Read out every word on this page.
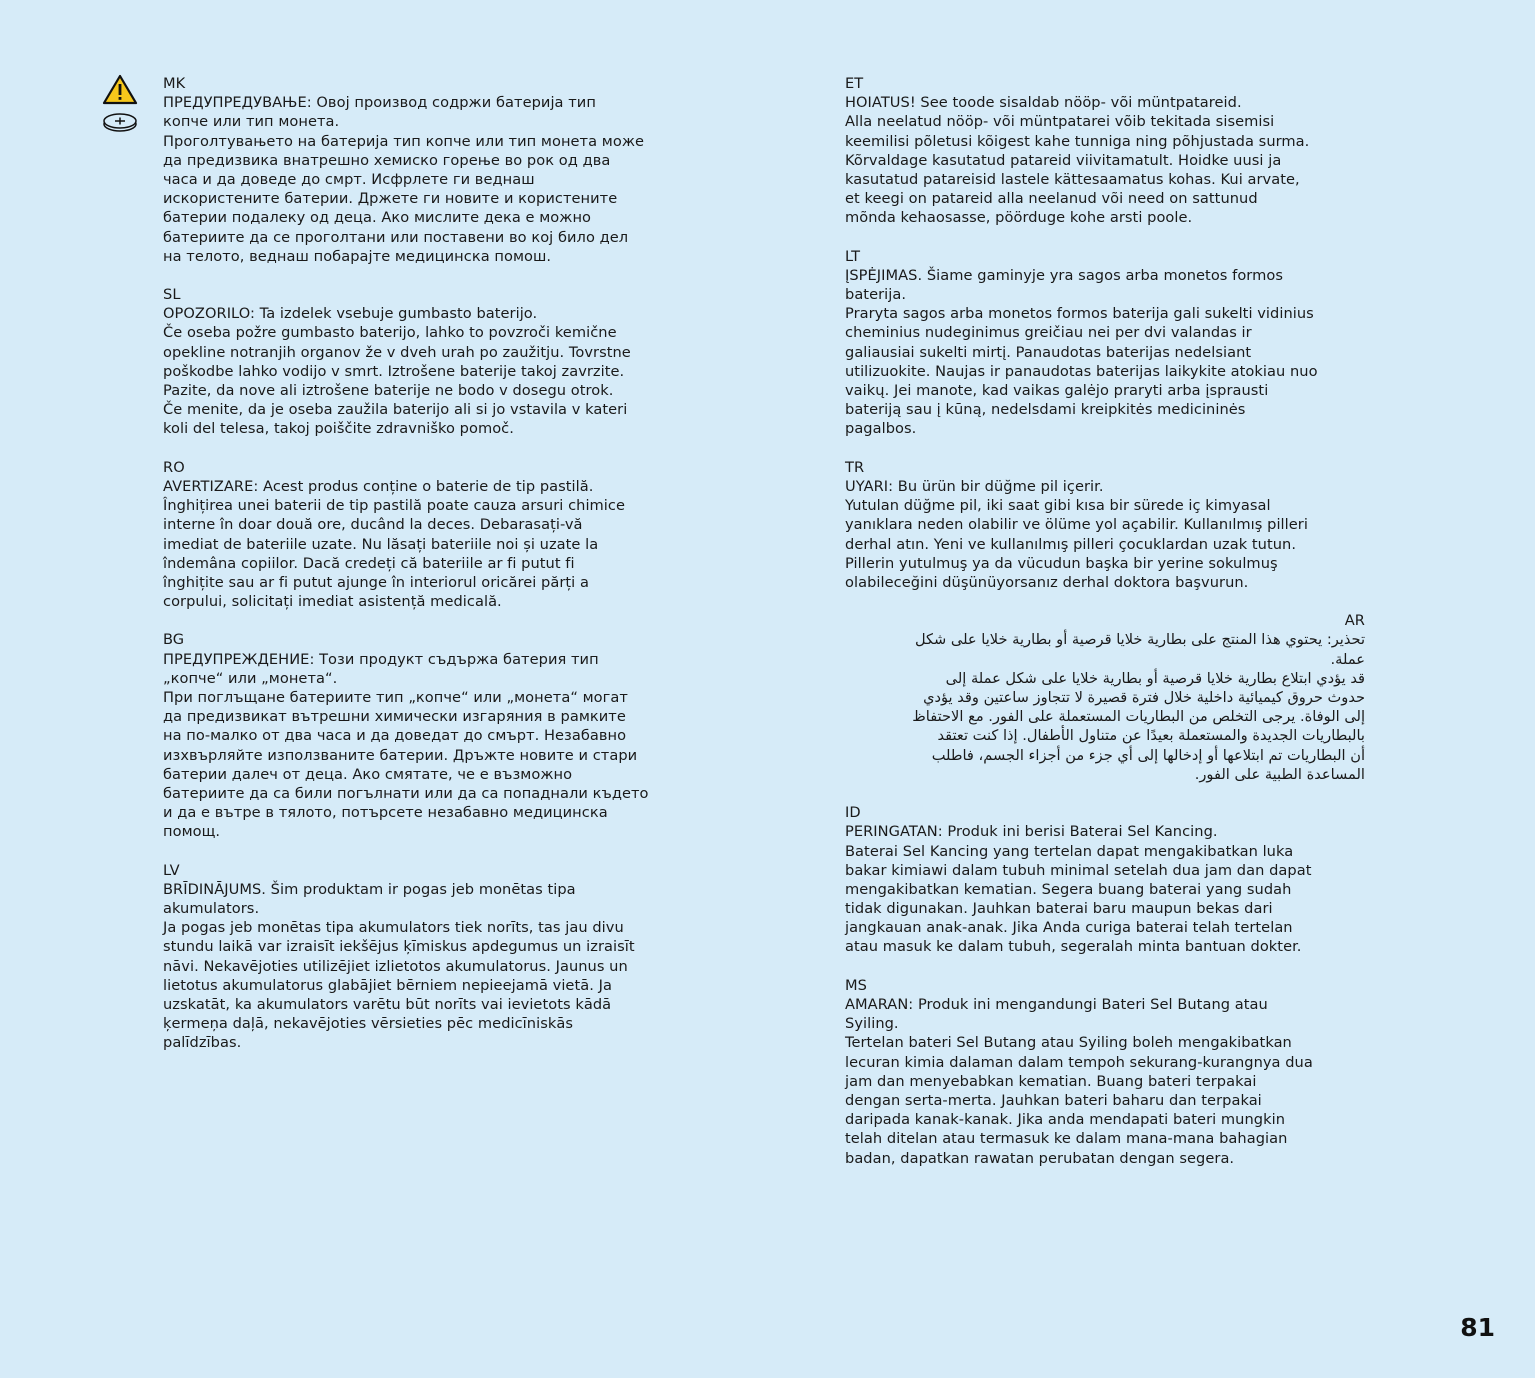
MK
ПРЕДУПРЕДУВАЊЕ: Овој производ содржи батерија тип
копче или тип монета.
Проголтувањето на батерија тип копче или тип монета може
да предизвика внатрешно хемиско горење во рок од два
часа и да доведе до смрт. Исфрлете ги веднаш
искористените батерии. Држете ги новите и користените
батерии подалеку од деца. Ако мислите дека е можно
батериите да се проголтани или поставени во кој било дел
на телото, веднаш побарајте медицинска помош.
SL
OPOZORILO: Ta izdelek vsebuje gumbasto baterijo.
Če oseba požre gumbasto baterijo, lahko to povzroči kemične
opekline notranjih organov že v dveh urah po zaužitju. Tovrstne
poškodbe lahko vodijo v smrt. Iztrošene baterije takoj zavrzite.
Pazite, da nove ali iztrošene baterije ne bodo v dosegu otrok.
Če menite, da je oseba zaužila baterijo ali si jo vstavila v kateri
koli del telesa, takoj poiščite zdravniško pomoč.
RO
AVERTIZARE: Acest produs conține o baterie de tip pastilă.
Înghițirea unei baterii de tip pastilă poate cauza arsuri chimice
interne în doar două ore, ducând la deces. Debarasați-vă
imediat de bateriile uzate. Nu lăsați bateriile noi și uzate la
îndemâna copiilor. Dacă credeți că bateriile ar fi putut fi
înghițite sau ar fi putut ajunge în interiorul oricărei părți a
corpului, solicitați imediat asistență medicală.
BG
ПРЕДУПРЕЖДЕНИЕ: Този продукт съдържа батерия тип
„копче“ или „монета“.
При поглъщане батериите тип „копче“ или „монета“ могат
да предизвикат вътрешни химически изгаряния в рамките
на по-малко от два часа и да доведат до смърт. Незабавно
изхвърляйте използваните батерии. Дръжте новите и стари
батерии далеч от деца. Ако смятате, че е възможно
батериите да са били погълнати или да са попаднали където
и да е вътре в тялото, потърсете незабавно медицинска
помощ.
LV
BRĪDINĀJUMS. Šim produktam ir pogas jeb monētas tipa
akumulators.
Ja pogas jeb monētas tipa akumulators tiek norīts, tas jau divu
stundu laikā var izraisīt iekšējus ķīmiskus apdegumus un izraisīt
nāvi. Nekavējoties utilizējiet izlietotos akumulatorus. Jaunus un
lietotus akumulatorus glabājiet bērniem nepieejamā vietā. Ja
uzskatāt, ka akumulators varētu būt norīts vai ievietots kādā
ķermeņa daļā, nekavējoties vērsieties pēc medicīniskās
palīdzības.
ET
HOIATUS! See toode sisaldab nööp- või müntpatareid.
Alla neelatud nööp- või müntpatarei võib tekitada sisemisi
keemilisi põletusi kõigest kahe tunniga ning põhjustada surma.
Kõrvaldage kasutatud patareid viivitamatult. Hoidke uusi ja
kasutatud patareisid lastele kättesaamatus kohas. Kui arvate,
et keegi on patareid alla neelanud või need on sattunud
mõnda kehaosasse, pöörduge kohe arsti poole.
LT
ĮSPĖJIMAS. Šiame gaminyje yra sagos arba monetos formos
baterija.
Praryta sagos arba monetos formos baterija gali sukelti vidinius
cheminius nudeginimus greičiau nei per dvi valandas ir
galiausiai sukelti mirtį. Panaudotas baterijas nedelsiant
utilizuokite. Naujas ir panaudotas baterijas laikykite atokiau nuo
vaikų. Jei manote, kad vaikas galėjo praryti arba įsprausti
bateriją sau į kūną, nedelsdami kreipkitės medicininės
pagalbos.
TR
UYARI: Bu ürün bir düğme pil içerir.
Yutulan düğme pil, iki saat gibi kısa bir sürede iç kimyasal
yanıklara neden olabilir ve ölüme yol açabilir. Kullanılmış pilleri
derhal atın. Yeni ve kullanılmış pilleri çocuklardan uzak tutun.
Pillerin yutulmuş ya da vücudun başka bir yerine sokulmuş
olabileceğini düşünüyorsanız derhal doktora başvurun.
AR
تحذير: يحتوي هذا المنتج على بطارية خلايا قرصية أو بطارية خلايا على شكل
عملة.
قد يؤدي ابتلاع بطارية خلايا قرصية أو بطارية خلايا على شكل عملة إلى
حدوث حروق كيميائية داخلية خلال فترة قصيرة لا تتجاوز ساعتين وقد يؤدي
إلى الوفاة. يرجى التخلص من البطاريات المستعملة على الفور. مع الاحتفاظ
بالبطاريات الجديدة والمستعملة بعيدًا عن متناول الأطفال. إذا كنت تعتقد
أن البطاريات تم ابتلاعها أو إدخالها إلى أي جزء من أجزاء الجسم، فاطلب
المساعدة الطبية على الفور.
ID
PERINGATAN: Produk ini berisi Baterai Sel Kancing.
Baterai Sel Kancing yang tertelan dapat mengakibatkan luka
bakar kimiawi dalam tubuh minimal setelah dua jam dan dapat
mengakibatkan kematian. Segera buang baterai yang sudah
tidak digunakan. Jauhkan baterai baru maupun bekas dari
jangkauan anak-anak. Jika Anda curiga baterai telah tertelan
atau masuk ke dalam tubuh, segeralah minta bantuan dokter.
MS
AMARAN: Produk ini mengandungi Bateri Sel Butang atau
Syiling.
Tertelan bateri Sel Butang atau Syiling boleh mengakibatkan
lecuran kimia dalaman dalam tempoh sekurang-kurangnya dua
jam dan menyebabkan kematian. Buang bateri terpakai
dengan serta-merta. Jauhkan bateri baharu dan terpakai
daripada kanak-kanak. Jika anda mendapati bateri mungkin
telah ditelan atau termasuk ke dalam mana-mana bahagian
badan, dapatkan rawatan perubatan dengan segera.
81
